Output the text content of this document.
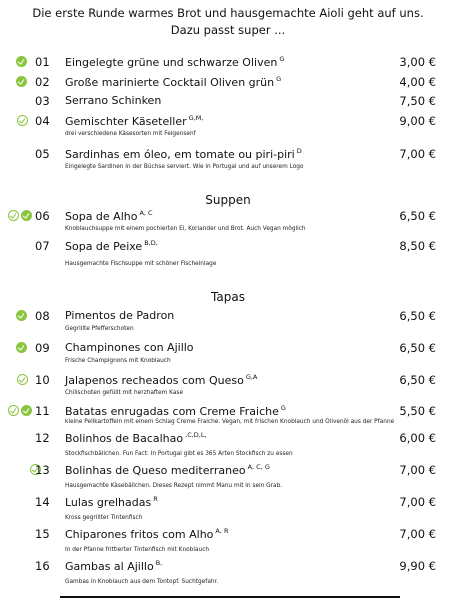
Die erste Runde warmes Brot und hausgemachte Aioli geht auf uns.
Dazu passt super ...
01 Eingelegte grüne und schwarze Oliven $^G$	3,00 €
02 Große marinierte Cocktail Oliven grün $^G$	4,00 €
03 Serrano Schinken	7,50 €
04 Gemischter Käseteller $^{G,M,}$	9,00 €
drei verschiedene Käsesorten mit Feigensenf
05 Sardinhas em óleo, em tomate ou piri-piri $^D$	7,00 €
Eingelegte Sardinen in der Büchse serviert. Wie in Portugal und auf unserem Logo
Suppen
06 Sopa de Alho $^{A, C}$	6,50 €
Knoblauchsuppe mit einem pochierten Ei, Koriander und Brot. Auch Vegan möglich
07 Sopa de Peixe $^{B,D,}$	8,50 €
Hausgemachte Fischsuppe mit schöner Fischeinlage
Tapas
08 Pimentos de Padron	6,50 €
Gegrillte Pfefferschoten
09 Champinones con Ajillo	6,50 €
Frische Champignons mit Knoblauch
10 Jalapenos recheados com Queso $^{G,A}$	6,50 €
Chilischoten gefüllt mit herzhaftem Kase
11 Batatas enrugadas com Creme Fraiche $^G$	5,50 €
kleine Pellkartoffeln mit einem Schlag Creme Fraiche. Vegan, mit frischen Knoblauch und Olivenöl aus der Pfanne
12 Bolinhos de Bacalhao $^{,C,D,L,}$	6,00 €
Stockfischbällchen. Fun Fact: In Portugal gibt es 365 Arten Stockfisch zu essen
13 Bolinhas de Queso mediterraneo $^{A, C, G}$	7,00 €
Hausgemachte Käsebällchen. Dieses Rezept nimmt Manu mit in sein Grab.
14 Lulas grelhadas $^R$	7,00 €
Kross gegrillter Tintenfisch
15 Chiparones fritos com Alho $^{A, R}$	7,00 €
In der Pfanne frittierter Tintenfisch mit Knoblauch
16 Gambas al Ajillo $^{B,}$	9,90 €
Gambas in Knoblauch aus dem Tontopf. Suchtgefahr.
